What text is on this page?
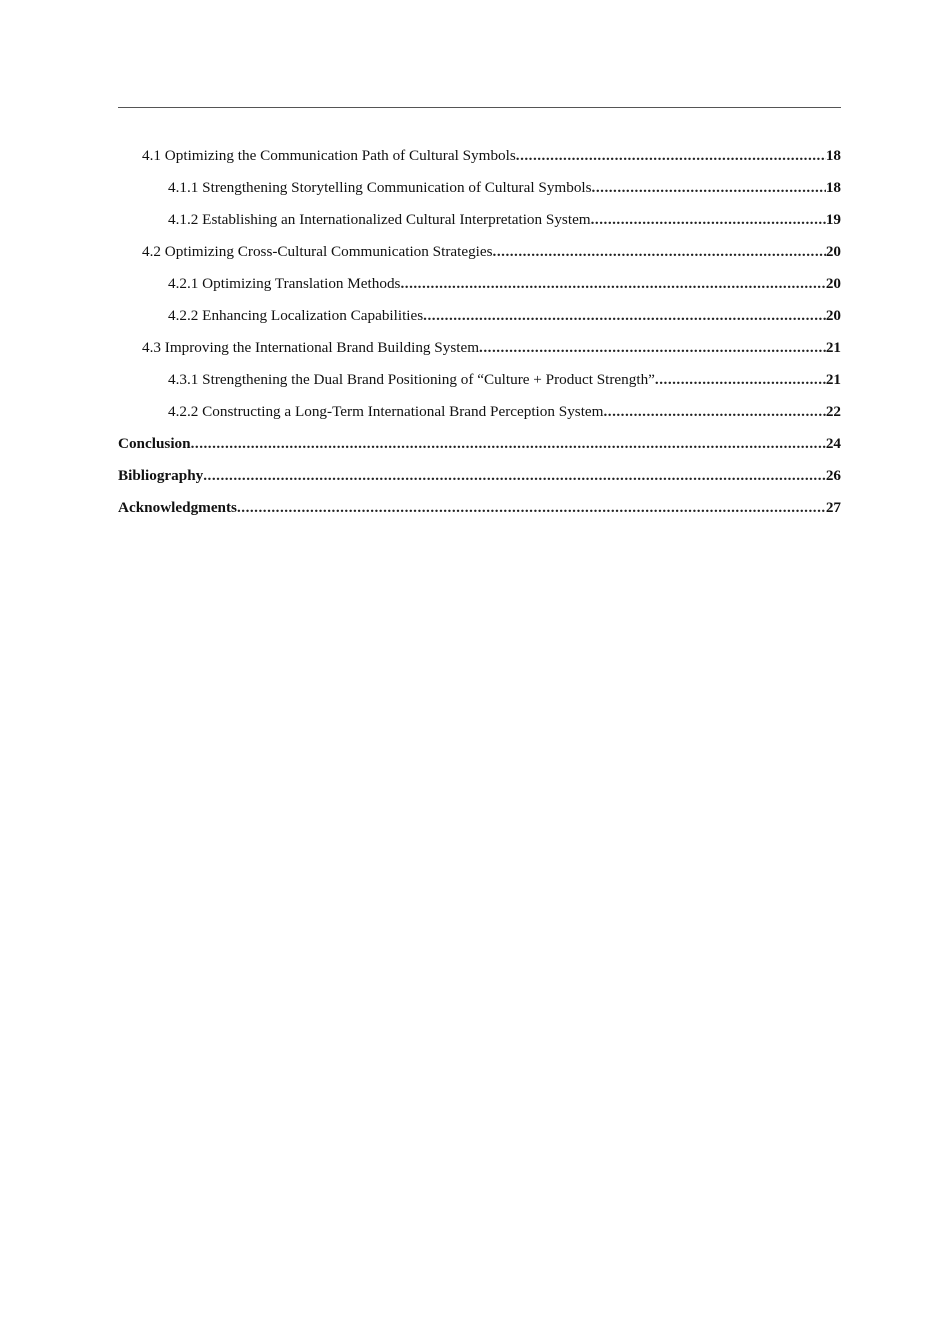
4.1 Optimizing the Communication Path of Cultural Symbols .....	18
4.1.1 Strengthening Storytelling Communication of Cultural Symbols .....	18
4.1.2 Establishing an Internationalized Cultural Interpretation System .....	19
4.2 Optimizing Cross-Cultural Communication Strategies .....	20
4.2.1 Optimizing Translation Methods .....	20
4.2.2 Enhancing Localization Capabilities .....	20
4.3 Improving the International Brand Building System .....	21
4.3.1 Strengthening the Dual Brand Positioning of “Culture + Product Strength” .....	21
4.2.2 Constructing a Long-Term International Brand Perception System .....	22
Conclusion .....	24
Bibliography .....	26
Acknowledgments .....	27
